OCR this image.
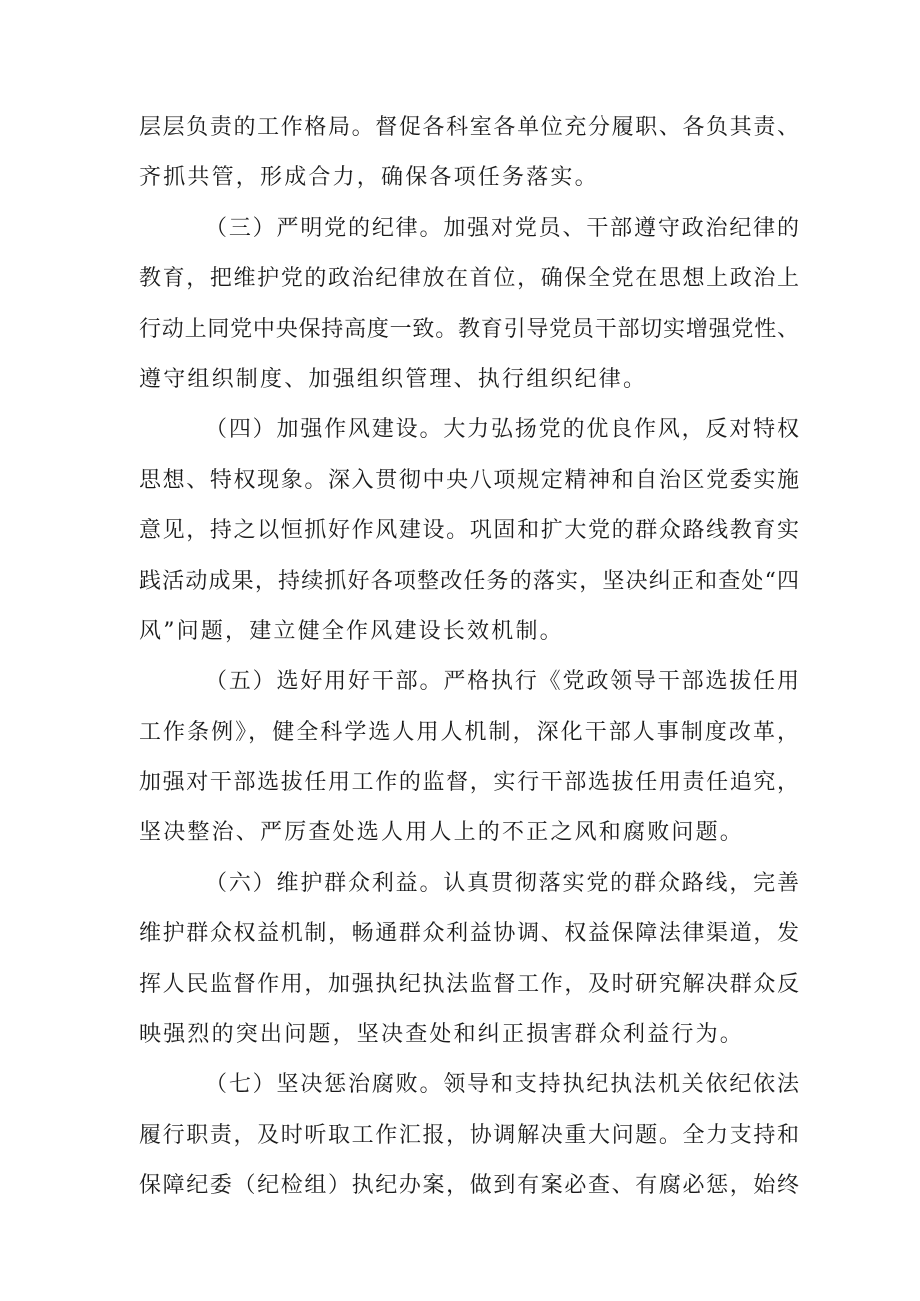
层层负责的工作格局。督促各科室各单位充分履职、各负其责、
齐抓共管，形成合力，确保各项任务落实。
（三）严明党的纪律。加强对党员、干部遵守政治纪律的
教育，把维护党的政治纪律放在首位，确保全党在思想上政治上
行动上同党中央保持高度一致。教育引导党员干部切实增强党性、
遵守组织制度、加强组织管理、执行组织纪律。
（四）加强作风建设。大力弘扬党的优良作风，反对特权
思想、特权现象。深入贯彻中央八项规定精神和自治区党委实施
意见，持之以恒抓好作风建设。巩固和扩大党的群众路线教育实
践活动成果，持续抓好各项整改任务的落实，坚决纠正和查处“四
风”问题，建立健全作风建设长效机制。
（五）选好用好干部。严格执行《党政领导干部选拔任用
工作条例》，健全科学选人用人机制，深化干部人事制度改革，
加强对干部选拔任用工作的监督，实行干部选拔任用责任追究，
坚决整治、严厉查处选人用人上的不正之风和腐败问题。
（六）维护群众利益。认真贯彻落实党的群众路线，完善
维护群众权益机制，畅通群众利益协调、权益保障法律渠道，发
挥人民监督作用，加强执纪执法监督工作，及时研究解决群众反
映强烈的突出问题，坚决查处和纠正损害群众利益行为。
（七）坚决惩治腐败。领导和支持执纪执法机关依纪依法
履行职责，及时听取工作汇报，协调解决重大问题。全力支持和
保障纪委（纪检组）执纪办案，做到有案必查、有腐必惩，始终
